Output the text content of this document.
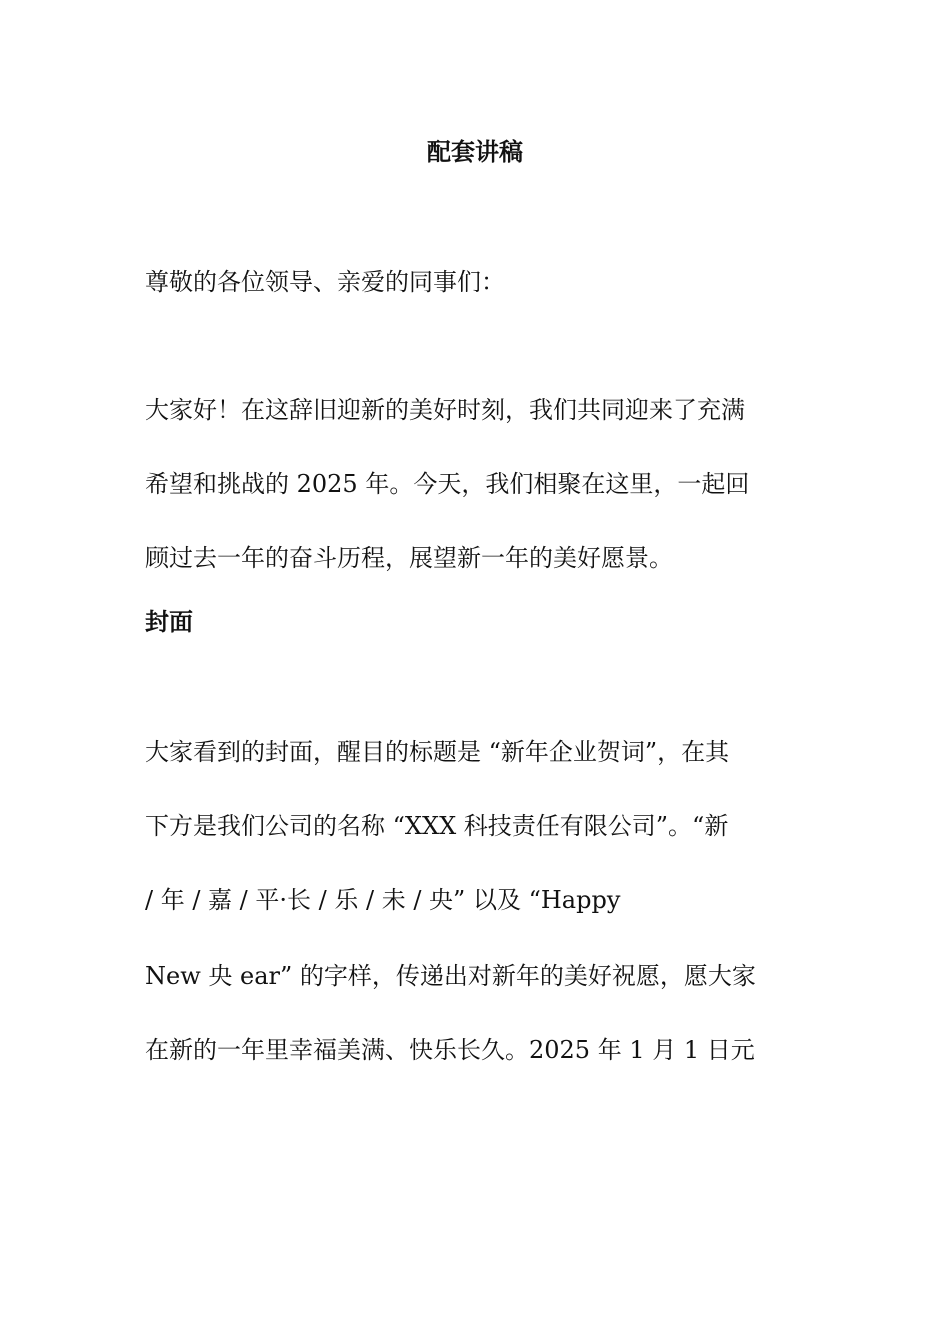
配套讲稿
尊敬的各位领导、亲爱的同事们：
大家好！在这辞旧迎新的美好时刻，我们共同迎来了充满
希望和挑战的 2025 年。今天，我们相聚在这里，一起回
顾过去一年的奋斗历程，展望新一年的美好愿景。
封面
大家看到的封面，醒目的标题是 “新年企业贺词”，在其
下方是我们公司的名称 “XXX 科技责任有限公司”。“新
/ 年 / 嘉 / 平·长 / 乐 / 未 / 央” 以及 “Happy
New 央 ear” 的字样，传递出对新年的美好祝愿，愿大家
在新的一年里幸福美满、快乐长久。2025 年 1 月 1 日元
